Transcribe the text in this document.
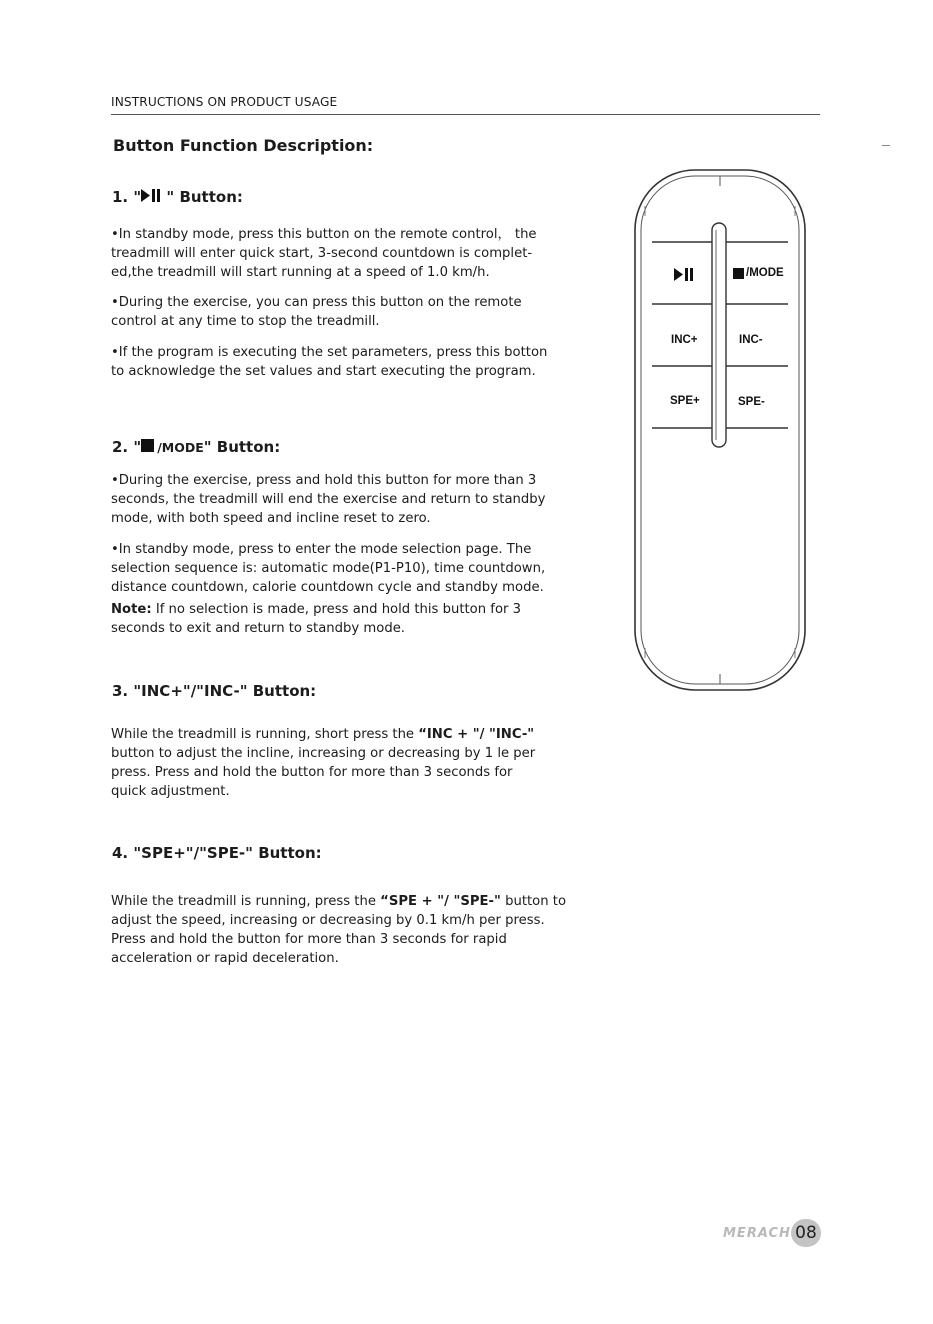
INSTRUCTIONS ON PRODUCT USAGE
Button Function Description:
1. " " Button:

•In standby mode, press this button on the remote control， the
treadmill will enter quick start, 3-second countdown is complet-
ed,the treadmill will start running at a speed of 1.0 km/h.

•During the exercise, you can press this button on the remote
control at any time to stop the treadmill.

•If the program is executing the set parameters, press this botton
to acknowledge the set values and start executing the program.

2. " /MODE" Button:

•During the exercise, press and hold this button for more than 3
seconds, the treadmill will end the exercise and return to standby
mode, with both speed and incline reset to zero.

•In standby mode, press to enter the mode selection page. The
selection sequence is: automatic mode(P1-P10), time countdown,
distance countdown, calorie countdown cycle and standby mode.

Note: If no selection is made, press and hold this button for 3
seconds to exit and return to standby mode.

3. "INC+"/"INC-" Button:

While the treadmill is running, short press the “INC + "/ "INC-"
button to adjust the incline, increasing or decreasing by 1 le per
press. Press and hold the button for more than 3 seconds for
quick adjustment.

4. "SPE+"/"SPE-" Button:

While the treadmill is running, press the “SPE + "/ "SPE-" button to
adjust the speed, increasing or decreasing by 0.1 km/h per press.
Press and hold the button for more than 3 seconds for rapid
acceleration or rapid deceleration.

/MODE
INC+	INC-
SPE+	SPE-
MERACH 08
